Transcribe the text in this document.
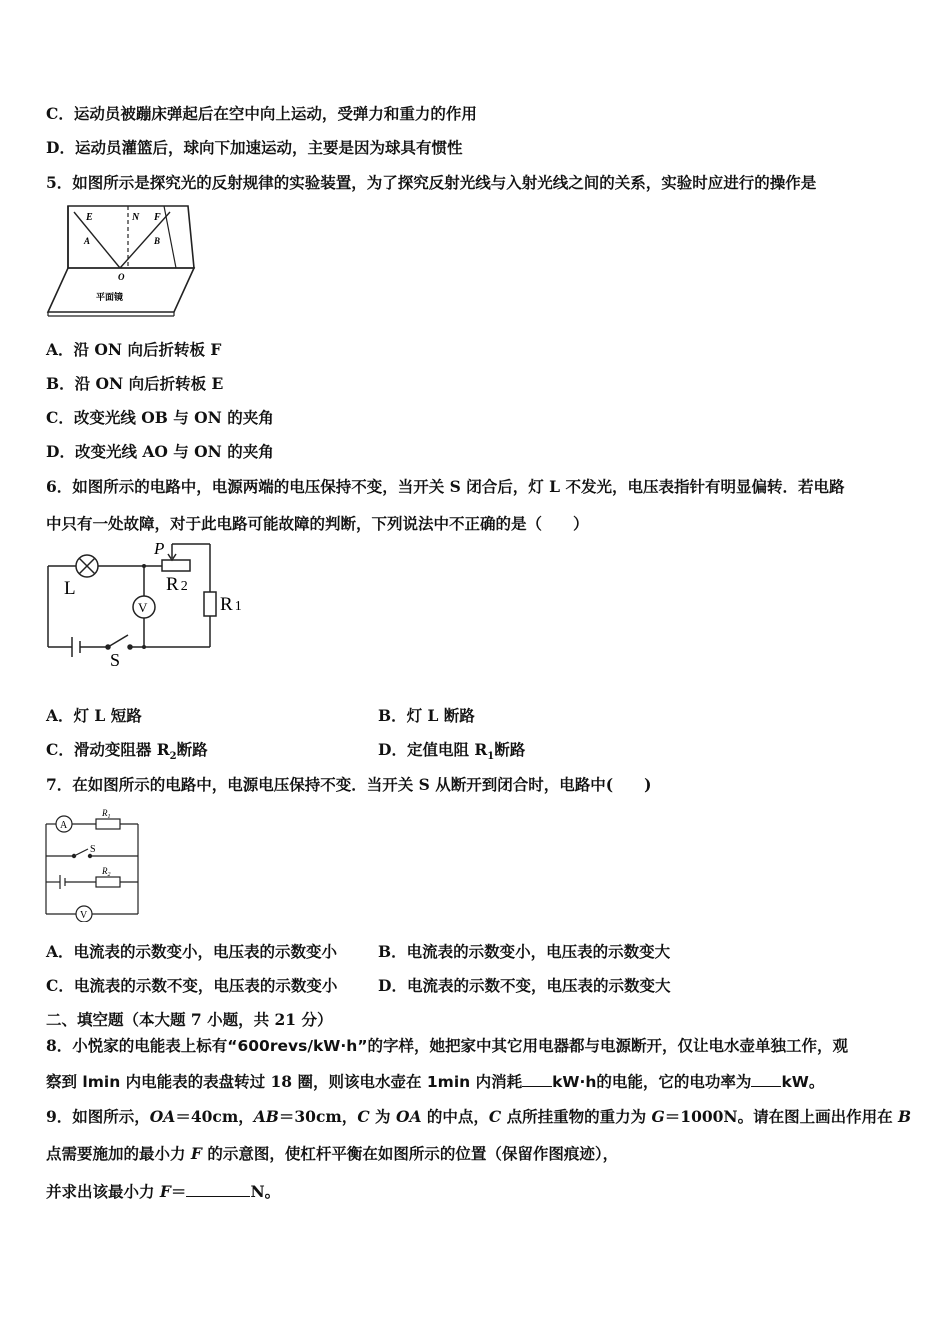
C．运动员被蹦床弹起后在空中向上运动，受弹力和重力的作用
D．运动员灌篮后，球向下加速运动，主要是因为球具有惯性
5．如图所示是探究光的反射规律的实验装置，为了探究反射光线与入射光线之间的关系，实验时应进行的操作是
E	N F
A	B
O
平面镜
A．沿 ON 向后折转板 F
B．沿 ON 向后折转板 E
C．改变光线 OB 与 ON 的夹角
D．改变光线 AO 与 ON 的夹角
6．如图所示的电路中，电源两端的电压保持不变，当开关 S 闭合后，灯 L 不发光，电压表指针有明显偏转．若电路
中只有一处故障，对于此电路可能故障的判断，下列说法中不正确的是（　　）
L
P
R 2
R 1
V
S
A．灯 L 短路	B．灯 L 断路
C．滑动变阻器 $R_2$断路	D．定值电阻 $R_1$断路
7．在如图所示的电路中，电源电压保持不变．当开关 S 从断开到闭合时，电路中(　　)
A
$R_1$
S
$R_2$
V
A．电流表的示数变小，电压表的示数变小	B．电流表的示数变小，电压表的示数变大
C．电流表的示数不变，电压表的示数变小	D．电流表的示数不变，电压表的示数变大
二、填空题（本大题 7 小题，共 21 分）
8．小悦家的电能表上标有“600revs/kW·h”的字样，她把家中其它用电器都与电源断开，仅让电水壶单独工作，观
察到 lmin 内电能表的表盘转过 18 圈，则该电水壶在 1min 内消耗 kW·h的电能，它的电功率为 kW。
9．如图所示，OA＝40cm，AB＝30cm，C 为 OA 的中点，C 点所挂重物的重力为 G＝1000N。请在图上画出作用在 B
点需要施加的最小力 F 的示意图，使杠杆平衡在如图所示的位置（保留作图痕迹），
并求出该最小力 F＝	N。
